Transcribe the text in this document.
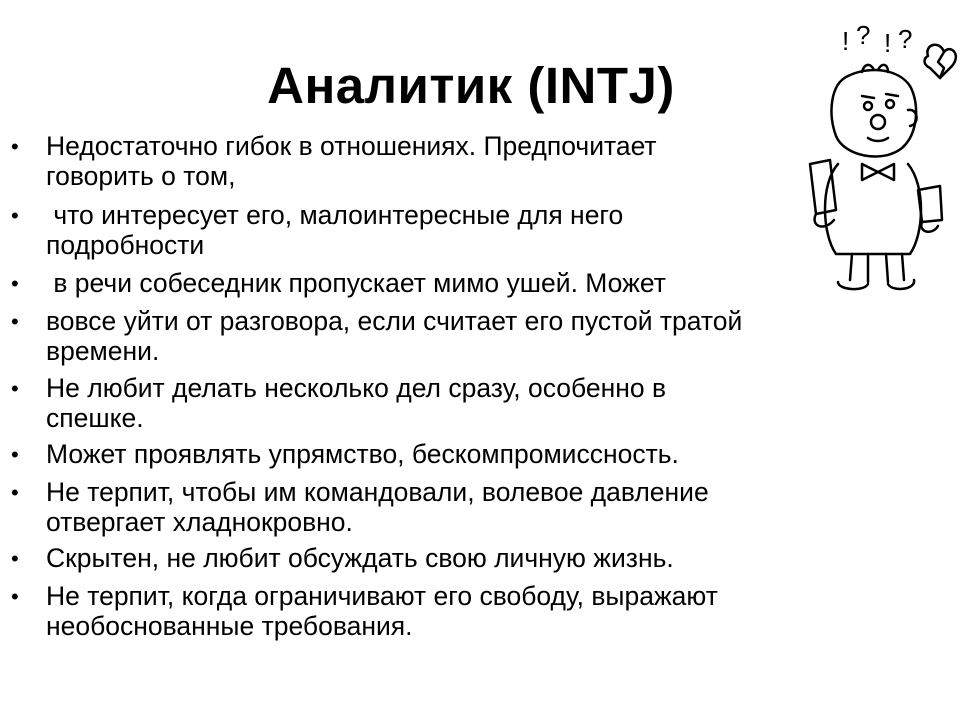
Аналитик (INTJ)
• Недостаточно гибок в отношениях. Предпочитает
говорить о том,
• что интересует его, малоинтересные для него
подробности
• в речи собеседник пропускает мимо ушей. Может
• вовсе уйти от разговора, если считает его пустой тратой
времени.
• Не любит делать несколько дел сразу, особенно в
спешке.
• Может проявлять упрямство, бескомпромиссность.
• Не терпит, чтобы им командовали, волевое давление
отвергает хладнокровно.
• Скрытен, не любит обсуждать свою личную жизнь.
• Не терпит, когда ограничивают его свободу, выражают
необоснованные требования.
! ? ! ?
